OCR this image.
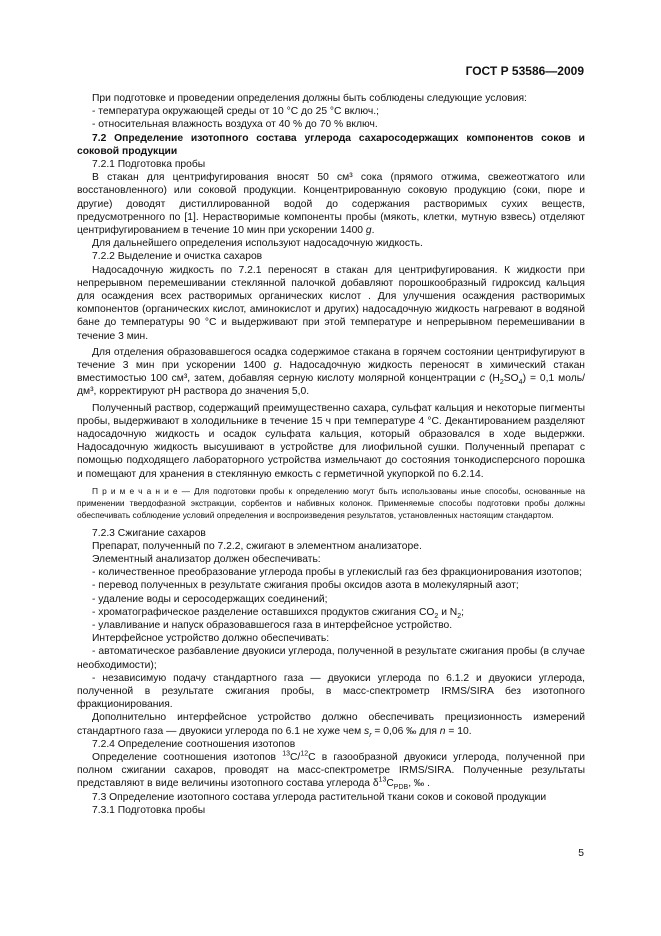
ГОСТ Р 53586—2009

При подготовке и проведении определения должны быть соблюдены следующие условия:

- температура окружающей среды от 10 °С до 25 °С включ.;

- относительная влажность воздуха от 40 % до 70 % включ.

7.2 Определение изотопного состава углерода сахаросодержащих компонентов соков и соковой продукции

7.2.1 Подготовка пробы

В стакан для центрифугирования вносят 50 см³ сока (прямого отжима, свежеотжатого или восстановленного) или соковой продукции. Концентрированную соковую продукцию (соки, пюре и другие) доводят дистиллированной водой до содержания растворимых сухих веществ, предусмотренного по [1]. Нерастворимые компоненты пробы (мякоть, клетки, мутную взвесь) отделяют центрифугированием в течение 10 мин при ускорении 1400 g.

Для дальнейшего определения используют надосадочную жидкость.

7.2.2 Выделение и очистка сахаров

Надосадочную жидкость по 7.2.1 переносят в стакан для центрифугирования. К жидкости при непрерывном перемешивании стеклянной палочкой добавляют порошкообразный гидроксид кальция для осаждения всех растворимых органических кислот . Для улучшения осаждения растворимых компонентов (органических кислот, аминокислот и других) надосадочную жидкость нагревают в водяной бане до температуры 90 °С и выдерживают при этой температуре и непрерывном перемешивании в течение 3 мин.

Для отделения образовавшегося осадка содержимое стакана в горячем состоянии центрифугируют в течение 3 мин при ускорении 1400 g. Надосадочную жидкость переносят в химический стакан вместимостью 100 см³, затем, добавляя серную кислоту молярной концентрации c $(H_2SO_4) = 0,1$ моль/дм³, корректируют pH раствора до значения 5,0.

Полученный раствор, содержащий преимущественно сахара, сульфат кальция и некоторые пигменты пробы, выдерживают в холодильнике в течение 15 ч при температуре 4 °С. Декантированием разделяют надосадочную жидкость и осадок сульфата кальция, который образовался в ходе выдержки. Надосадочную жидкость высушивают в устройстве для лиофильной сушки. Полученный препарат с помощью подходящего лабораторного устройства измельчают до состояния тонкодисперсного порошка и помещают для хранения в стеклянную емкость с герметичной укупоркой по 6.2.14.

П р и м е ч а н и е — Для подготовки пробы к определению могут быть использованы иные способы, основанные на применении твердофазной экстракции, сорбентов и набивных колонок. Применяемые способы подготовки пробы должны обеспечивать соблюдение условий определения и воспроизведения результатов, установленных настоящим стандартом.

7.2.3 Сжигание сахаров

Препарат, полученный по 7.2.2, сжигают в элементном анализаторе.

Элементный анализатор должен обеспечивать:

- количественное преобразование углерода пробы в углекислый газ без фракционирования изотопов;

- перевод полученных в результате сжигания пробы оксидов азота в молекулярный азот;

- удаление воды и серосодержащих соединений;

- хроматографическое разделение оставшихся продуктов сжигания $CO_2$ и $N_2$;

- улавливание и напуск образовавшегося газа в интерфейсное устройство.

Интерфейсное устройство должно обеспечивать:

- автоматическое разбавление двуокиси углерода, полученной в результате сжигания пробы (в случае необходимости);

- независимую подачу стандартного газа — двуокиси углерода по 6.1.2 и двуокиси углерода, полученной в результате сжигания пробы, в масс-спектрометр IRMS/SIRA без изотопного фракционирования.

Дополнительно интерфейсное устройство должно обеспечивать прецизионность измерений стандартного газа — двуокиси углерода по 6.1 не хуже чем $s_r = 0,06$ ‰ для n = 10.

7.2.4 Определение соотношения изотопов

Определение соотношения изотопов $^{13}$С/$^{12}$С в газообразной двуокиси углерода, полученной при полном сжигании сахаров, проводят на масс-спектрометре IRMS/SIRA. Полученные результаты представляют в виде величины изотопного состава углерода $\delta^{13}С_{PDB}$, ‰ .

7.3 Определение изотопного состава углерода растительной ткани соков и соковой продукции

7.3.1 Подготовка пробы

5
